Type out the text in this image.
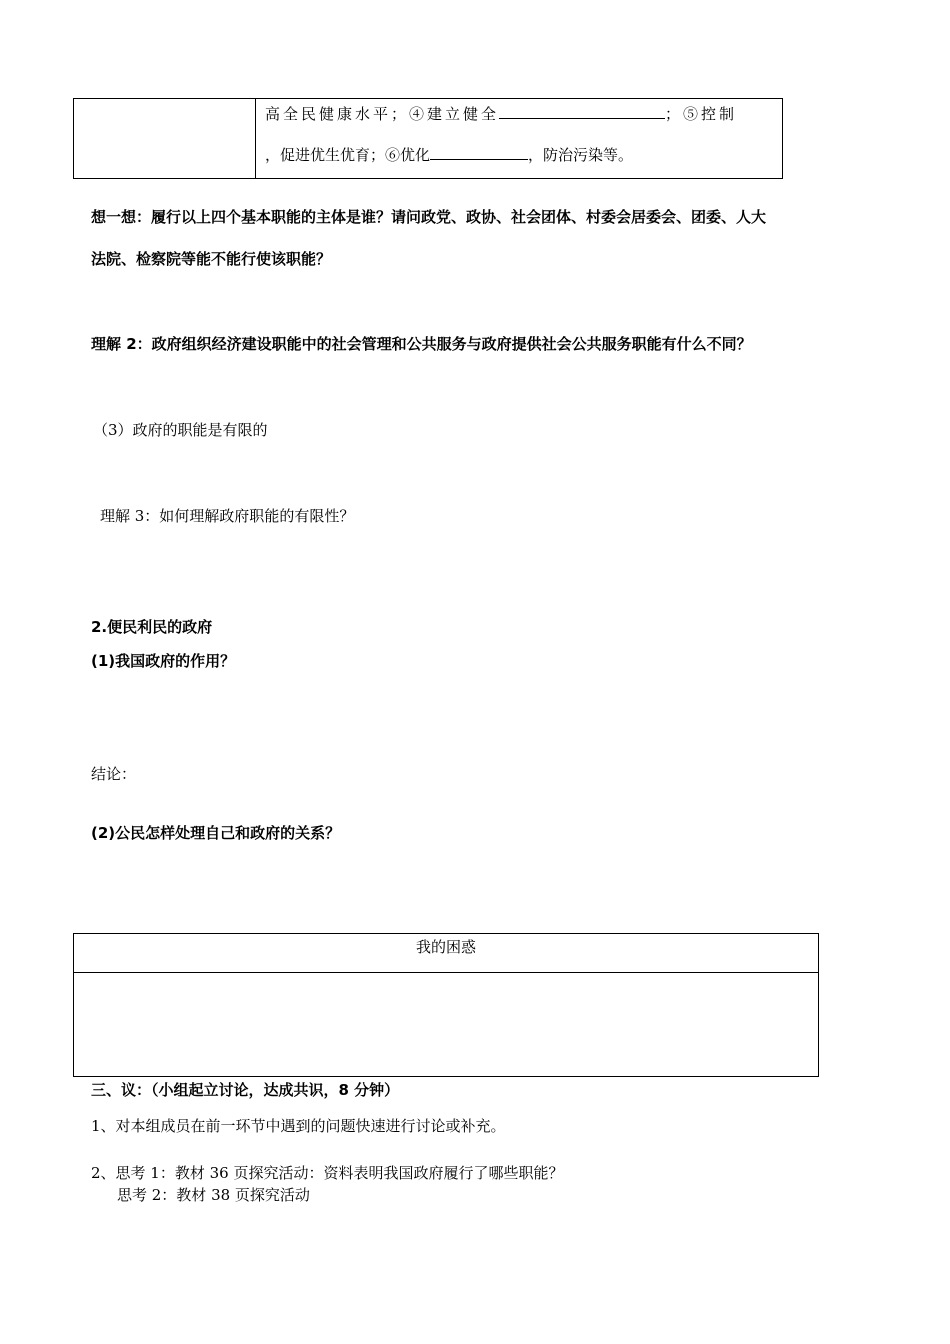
高全民健康水平；④建立健全	；⑤控制
，促进优生优育；⑥优化	，防治污染等。
想一想：履行以上四个基本职能的主体是谁？请问政党、政协、社会团体、村委会居委会、团委、人大
法院、检察院等能不能行使该职能？
理解 2：政府组织经济建设职能中的社会管理和公共服务与政府提供社会公共服务职能有什么不同？
（3）政府的职能是有限的
理解 3：如何理解政府职能的有限性？
2.便民利民的政府
(1)我国政府的作用？
结论：
(2)公民怎样处理自己和政府的关系？
我的困惑
三、议：（小组起立讨论，达成共识，8 分钟）
1、对本组成员在前一环节中遇到的问题快速进行讨论或补充。
2、思考 1：教材 36 页探究活动：资料表明我国政府履行了哪些职能？
思考 2：教材 38 页探究活动
